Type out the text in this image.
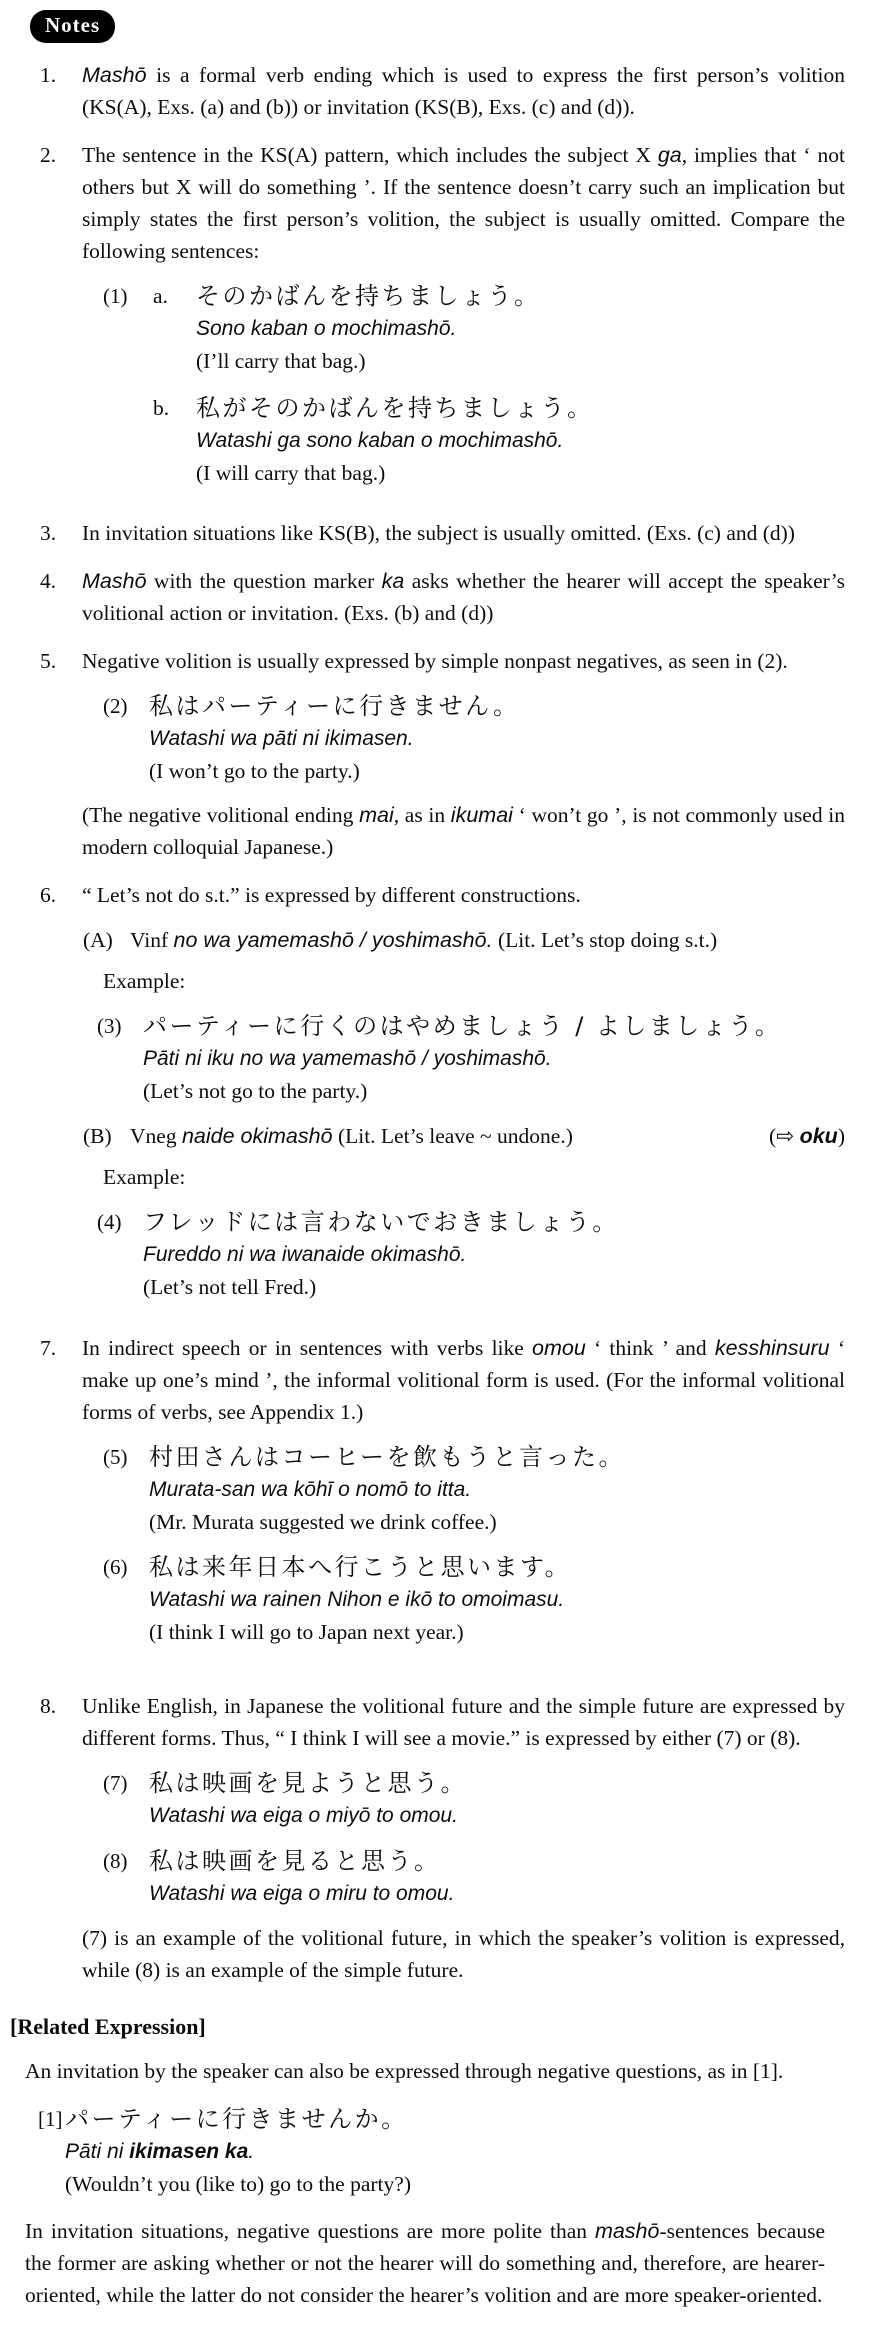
Notes
1.	Mashō is a formal verb ending which is used to express the first person’s volition (KS(A), Exs. (a) and (b)) or invitation (KS(B), Exs. (c) and (d)).

2.	The sentence in the KS(A) pattern, which includes the subject X ga, implies that ‘ not others but X will do something ’. If the sentence doesn’t carry such an implication but simply states the first person’s volition, the subject is usually omitted. Compare the following sentences:

(1)	a.	そのかばんを持ちましょう。
Sono kaban o mochimashō.
(I’ll carry that bag.)
b.	私がそのかばんを持ちましょう。
Watashi ga sono kaban o mochimashō.
(I will carry that bag.)
3.	In invitation situations like KS(B), the subject is usually omitted. (Exs. (c) and (d))

4.	Mashō with the question marker ka asks whether the hearer will accept the speaker’s volitional action or invitation. (Exs. (b) and (d))

5.	Negative volition is usually expressed by simple nonpast negatives, as seen in (2).

(2) 私はパーティーに行きません。
Watashi wa pāti ni ikimasen.
(I won’t go to the party.)

(The negative volitional ending mai, as in ikumai ‘ won’t go ’, is not commonly used in modern colloquial Japanese.)

6.	“ Let’s not do s.t.” is expressed by different constructions.

(A) Vinf no wa yamemashō / yoshimashō. (Lit. Let’s stop doing s.t.)
Example:
(3) パーティーに行くのはやめましょう / よしましょう。
Pāti ni iku no wa yamemashō / yoshimashō.
(Let’s not go to the party.)
(B) Vneg naide okimashō (Lit. Let’s leave ~ undone.)	(⇨ oku)
Example:
(4) フレッドには言わないでおきましょう。
Fureddo ni wa iwanaide okimashō.
(Let’s not tell Fred.)
7.	In indirect speech or in sentences with verbs like omou ‘ think ’ and kesshinsuru ‘ make up one’s mind ’, the informal volitional form is used. (For the informal volitional forms of verbs, see Appendix 1.)

(5) 村田さんはコーヒーを飲もうと言った。
Murata-san wa kōhī o nomō to itta.
(Mr. Murata suggested we drink coffee.)
(6) 私は来年日本へ行こうと思います。
Watashi wa rainen Nihon e ikō to omoimasu.
(I think I will go to Japan next year.)
8.	Unlike English, in Japanese the volitional future and the simple future are expressed by different forms. Thus, “ I think I will see a movie.” is expressed by either (7) or (8).

(7) 私は映画を見ようと思う。
Watashi wa eiga o miyō to omou.
(8) 私は映画を見ると思う。
Watashi wa eiga o miru to omou.

(7) is an example of the volitional future, in which the speaker’s volition is expressed, while (8) is an example of the simple future.

[Related Expression]

An invitation by the speaker can also be expressed through negative questions, as in [1].

[1] パーティーに行きませんか。
Pāti ni ikimasen ka.
(Wouldn’t you (like to) go to the party?)

In invitation situations, negative questions are more polite than mashō-sentences because the former are asking whether or not the hearer will do something and, therefore, are hearer-oriented, while the latter do not consider the hearer’s volition and are more speaker-oriented.
